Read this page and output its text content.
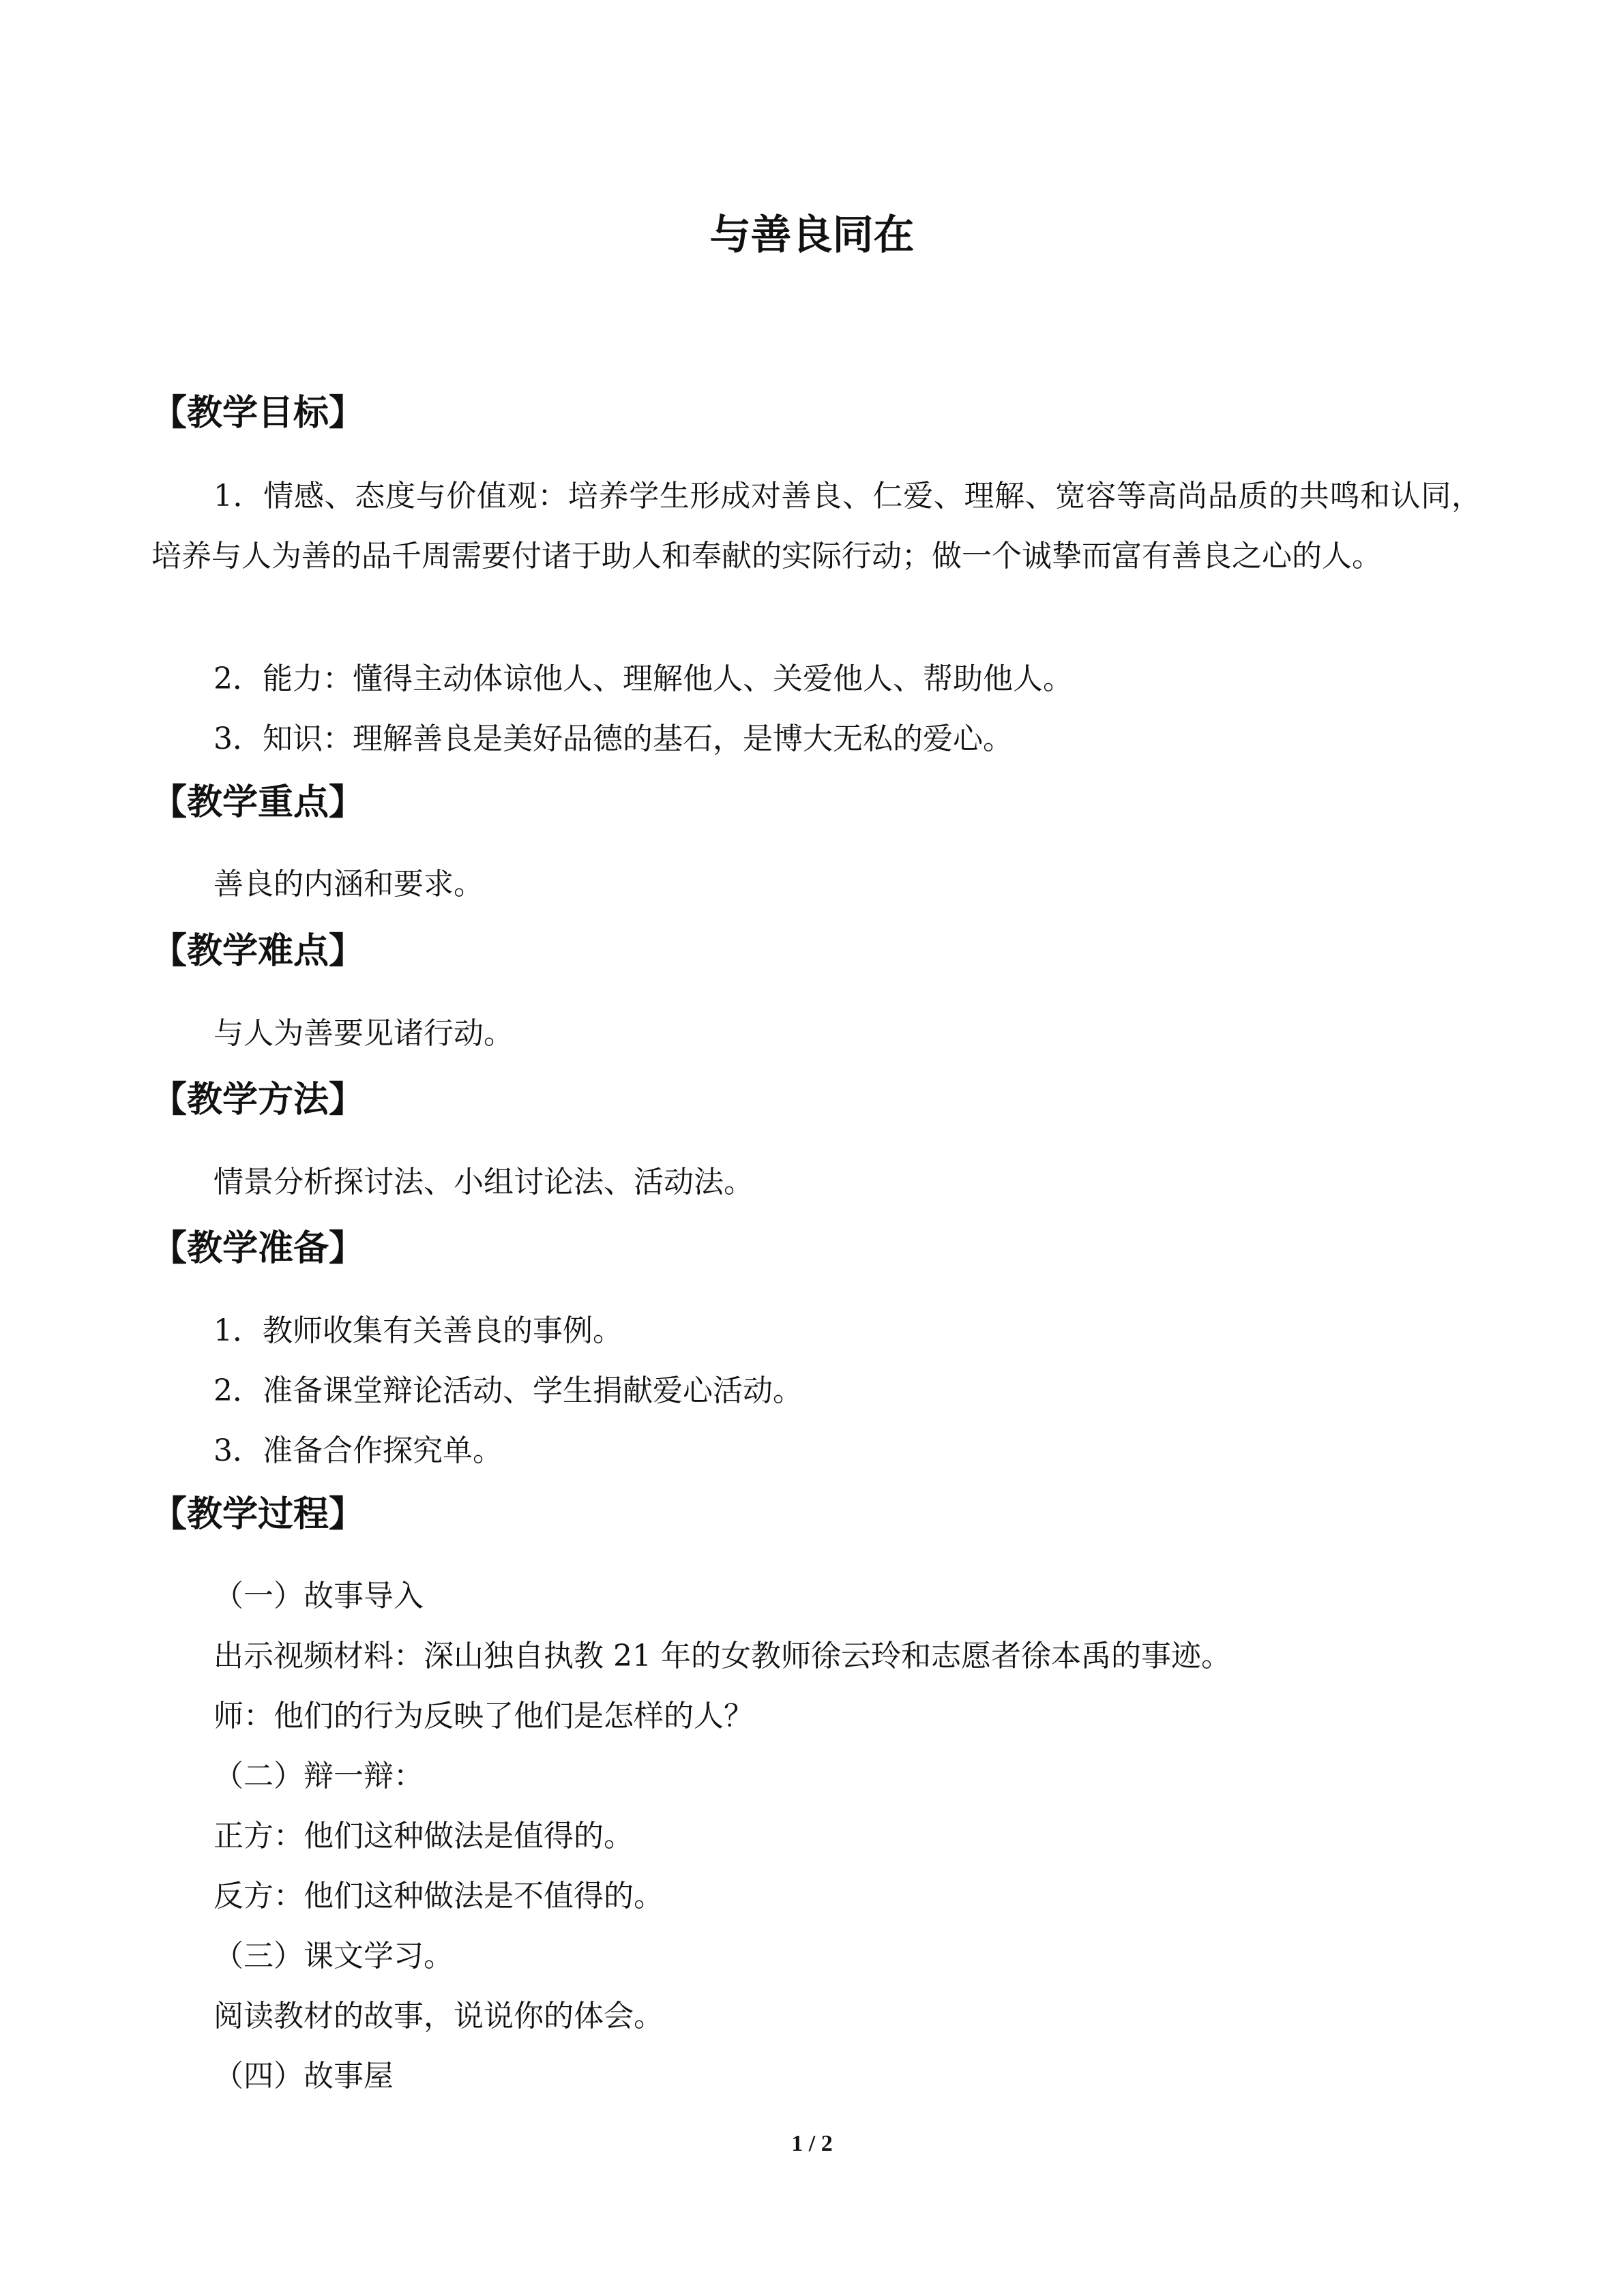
与善良同在
【教学目标】

1．情感、态度与价值观：培养学生形成对善良、仁爱、理解、宽容等高尚品质的共鸣和认同，培养与人为善的品千周需要付诸于助人和奉献的实际行动；做一个诚挚而富有善良之心的人。

2．能力：懂得主动体谅他人、理解他人、关爱他人、帮助他人。

3．知识：理解善良是美好品德的基石，是博大无私的爱心。

【教学重点】

善良的内涵和要求。

【教学难点】

与人为善要见诸行动。

【教学方法】

情景分析探讨法、小组讨论法、活动法。

【教学准备】

1．教师收集有关善良的事例。

2．准备课堂辩论活动、学生捐献爱心活动。

3．准备合作探究单。

【教学过程】

（一）故事导入

出示视频材料：深山独自执教 21 年的女教师徐云玲和志愿者徐本禹的事迹。

师：他们的行为反映了他们是怎样的人？

（二）辩一辩：

正方：他们这种做法是值得的。

反方：他们这种做法是不值得的。

（三）课文学习。

阅读教材的故事，说说你的体会。

（四）故事屋

1 / 2
